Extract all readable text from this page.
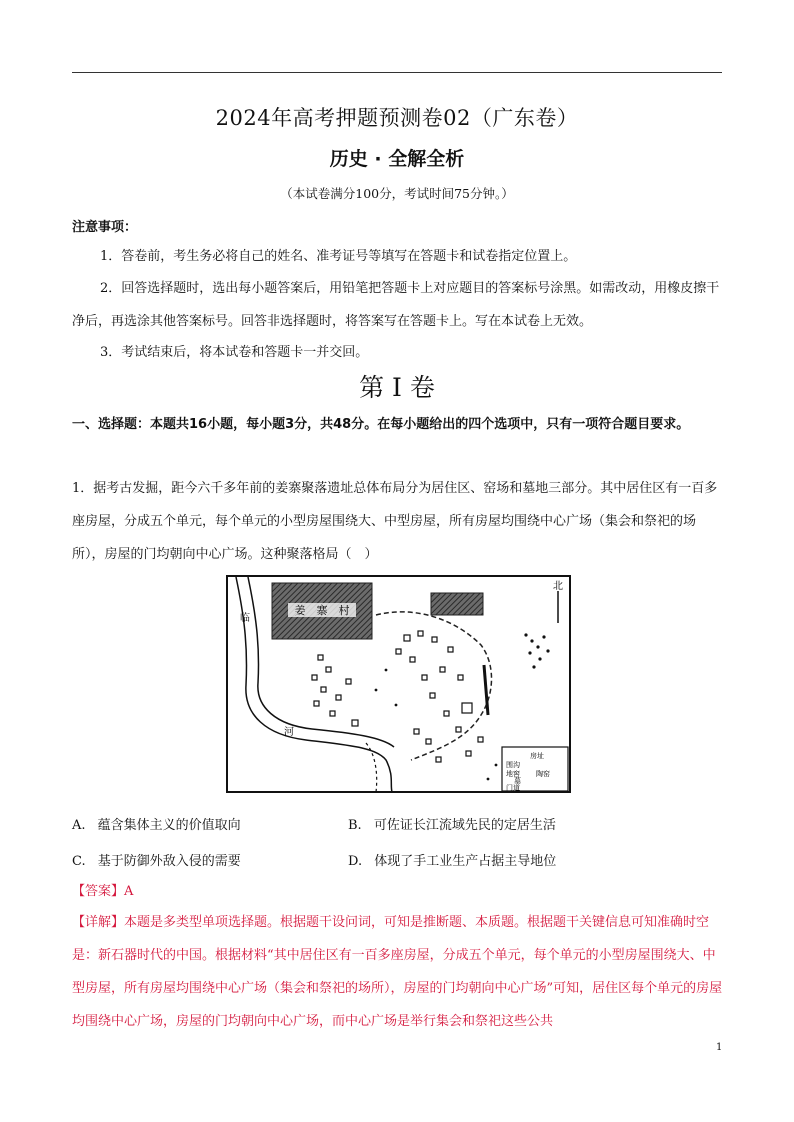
2024年高考押题预测卷02（广东卷）
历史 · 全解全析
（本试卷满分100分，考试时间75分钟。）
注意事项：
1．答卷前，考生务必将自己的姓名、准考证号等填写在答题卡和试卷指定位置上。
2．回答选择题时，选出每小题答案后，用铅笔把答题卡上对应题目的答案标号涂黑。如需改动，用橡皮擦干净后，再选涂其他答案标号。回答非选择题时，将答案写在答题卡上。写在本试卷上无效。
3．考试结束后，将本试卷和答题卡一并交回。
第 I 卷
一、选择题：本题共16小题，每小题3分，共48分。在每小题给出的四个选项中，只有一项符合题目要求。
1．据考古发掘，距今六千多年前的姜寨聚落遗址总体布局分为居住区、窑场和墓地三部分。其中居住区有一百多座房屋，分成五个单元，每个单元的小型房屋围绕大、中型房屋，所有房屋均围绕中心广场（集会和祭祀的场所），房屋的门均朝向中心广场。这种聚落格局（　）
姜　寨　村
北
临
河
房址
围沟
地窖 陶窑
墓
门道
A. 蕴含集体主义的价值取向	B. 可佐证长江流域先民的定居生活
C. 基于防御外敌入侵的需要	D. 体现了手工业生产占据主导地位
【答案】A
【详解】本题是多类型单项选择题。根据题干设问词，可知是推断题、本质题。根据题干关键信息可知准确时空是：新石器时代的中国。根据材料“其中居住区有一百多座房屋，分成五个单元，每个单元的小型房屋围绕大、中型房屋，所有房屋均围绕中心广场（集会和祭祀的场所），房屋的门均朝向中心广场”可知，居住区每个单元的房屋均围绕中心广场，房屋的门均朝向中心广场，而中心广场是举行集会和祭祀这些公共
1
